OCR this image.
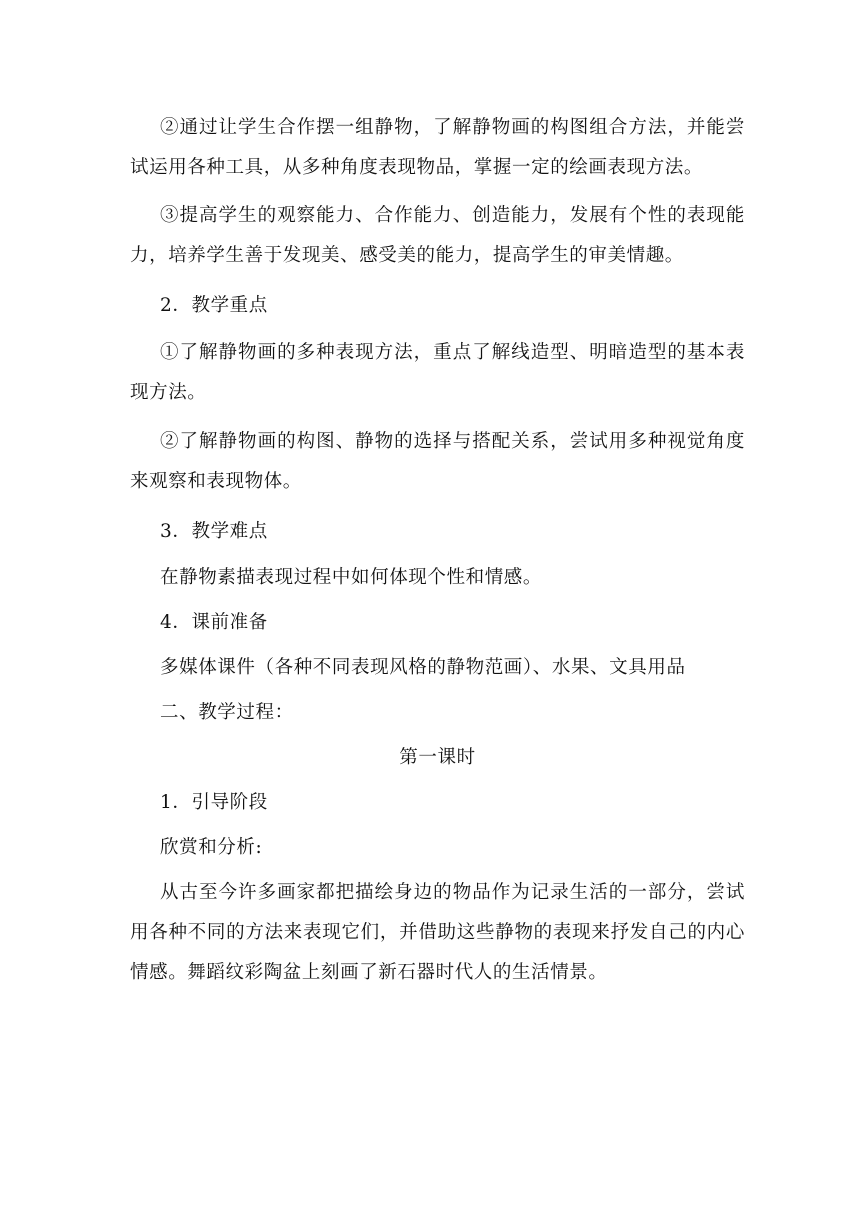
②通过让学生合作摆一组静物，了解静物画的构图组合方法，并能尝试运用各种工具，从多种角度表现物品，掌握一定的绘画表现方法。

③提高学生的观察能力、合作能力、创造能力，发展有个性的表现能力，培养学生善于发现美、感受美的能力，提高学生的审美情趣。

2．教学重点

①了解静物画的多种表现方法，重点了解线造型、明暗造型的基本表现方法。

②了解静物画的构图、静物的选择与搭配关系，尝试用多种视觉角度来观察和表现物体。

3．教学难点

在静物素描表现过程中如何体现个性和情感。

4．课前准备

多媒体课件（各种不同表现风格的静物范画）、水果、文具用品

二、教学过程：

第一课时

1．引导阶段

欣赏和分析:

从古至今许多画家都把描绘身边的物品作为记录生活的一部分，尝试用各种不同的方法来表现它们，并借助这些静物的表现来抒发自己的内心情感。舞蹈纹彩陶盆上刻画了新石器时代人的生活情景。
